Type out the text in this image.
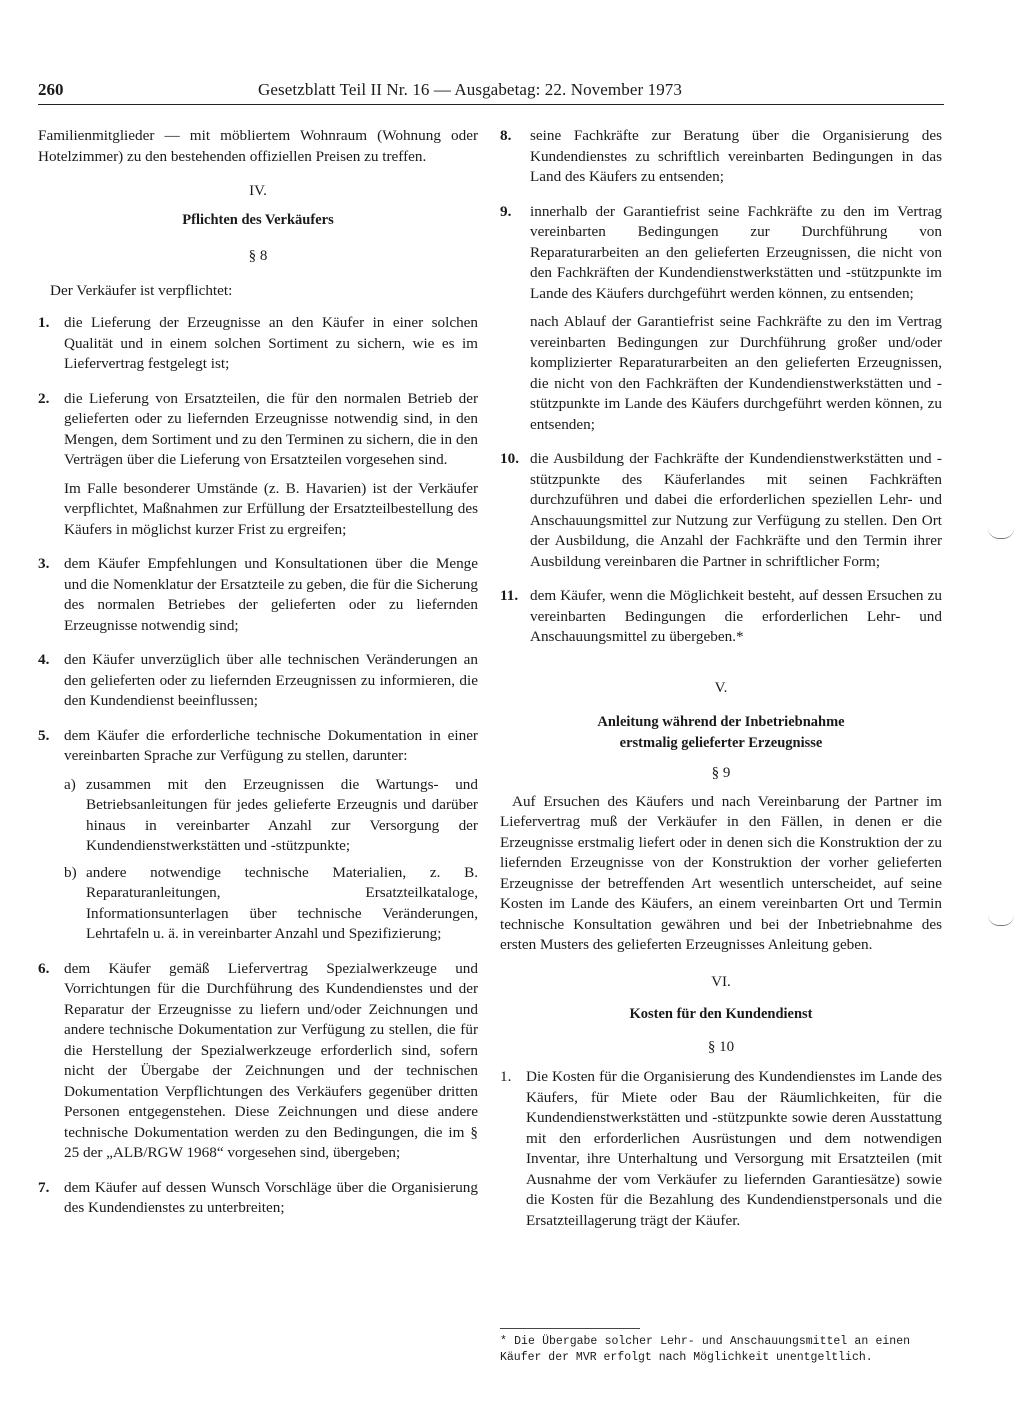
260	Gesetzblatt Teil II Nr. 16 — Ausgabetag: 22. November 1973

Familienmitglieder — mit möbliertem Wohnraum (Wohnung oder Hotelzimmer) zu den bestehenden offiziellen Preisen zu treffen.

IV.
Pflichten des Verkäufers
§ 8

Der Verkäufer ist verpflichtet:

1. die Lieferung der Erzeugnisse an den Käufer in einer solchen Qualität und in einem solchen Sortiment zu sichern, wie es im Liefervertrag festgelegt ist;
2. die Lieferung von Ersatzteilen, die für den normalen Betrieb der gelieferten oder zu liefernden Erzeugnisse notwendig sind, in den Mengen, dem Sortiment und zu den Terminen zu sichern, die in den Verträgen über die Lieferung von Ersatzteilen vorgesehen sind.

Im Falle besonderer Umstände (z. B. Havarien) ist der Verkäufer verpflichtet, Maßnahmen zur Erfüllung der Ersatzteilbestellung des Käufers in möglichst kurzer Frist zu ergreifen;

3. dem Käufer Empfehlungen und Konsultationen über die Menge und die Nomenklatur der Ersatzteile zu geben, die für die Sicherung des normalen Betriebes der gelieferten oder zu liefernden Erzeugnisse notwendig sind;
4. den Käufer unverzüglich über alle technischen Veränderungen an den gelieferten oder zu liefernden Erzeugnissen zu informieren, die den Kundendienst beeinflussen;
5. dem Käufer die erforderliche technische Dokumentation in einer vereinbarten Sprache zur Verfügung zu stellen, darunter:
a) zusammen mit den Erzeugnissen die Wartungs- und Betriebsanleitungen für jedes gelieferte Erzeugnis und darüber hinaus in vereinbarter Anzahl zur Versorgung der Kundendienstwerkstätten und -stützpunkte;
b) andere notwendige technische Materialien, z. B. Reparaturanleitungen, Ersatzteilkataloge, Informationsunterlagen über technische Veränderungen, Lehrtafeln u. ä. in vereinbarter Anzahl und Spezifizierung;
6. dem Käufer gemäß Liefervertrag Spezialwerkzeuge und Vorrichtungen für die Durchführung des Kundendienstes und der Reparatur der Erzeugnisse zu liefern und/oder Zeichnungen und andere technische Dokumentation zur Verfügung zu stellen, die für die Herstellung der Spezialwerkzeuge erforderlich sind, sofern nicht der Übergabe der Zeichnungen und der technischen Dokumentation Verpflichtungen des Verkäufers gegenüber dritten Personen entgegenstehen. Diese Zeichnungen und diese andere technische Dokumentation werden zu den Bedingungen, die im § 25 der „ALB/RGW 1968“ vorgesehen sind, übergeben;
7. dem Käufer auf dessen Wunsch Vorschläge über die Organisierung des Kundendienstes zu unterbreiten;
8.	seine Fachkräfte zur Beratung über die Organisierung des Kundendienstes zu schriftlich vereinbarten Bedingungen in das Land des Käufers zu entsenden;
9.	innerhalb der Garantiefrist seine Fachkräfte zu den im Vertrag vereinbarten Bedingungen zur Durchführung von Reparaturarbeiten an den gelieferten Erzeugnissen, die nicht von den Fachkräften der Kundendienstwerkstätten und -stützpunkte im Lande des Käufers durchgeführt werden können, zu entsenden;

nach Ablauf der Garantiefrist seine Fachkräfte zu den im Vertrag vereinbarten Bedingungen zur Durchführung großer und/oder komplizierter Reparaturarbeiten an den gelieferten Erzeugnissen, die nicht von den Fachkräften der Kundendienstwerkstätten und -stützpunkte im Lande des Käufers durchgeführt werden können, zu entsenden;

10. die Ausbildung der Fachkräfte der Kundendienstwerkstätten und -stützpunkte des Käuferlandes mit seinen Fachkräften durchzuführen und dabei die erforderlichen speziellen Lehr- und Anschauungsmittel zur Nutzung zur Verfügung zu stellen. Den Ort der Ausbildung, die Anzahl der Fachkräfte und den Termin ihrer Ausbildung vereinbaren die Partner in schriftlicher Form;
11. dem Käufer, wenn die Möglichkeit besteht, auf dessen Ersuchen zu vereinbarten Bedingungen die erforderlichen Lehr- und Anschauungsmittel zu übergeben.*
V.
Anleitung während der Inbetriebnahme
erstmalig gelieferter Erzeugnisse
§ 9

Auf Ersuchen des Käufers und nach Vereinbarung der Partner im Liefervertrag muß der Verkäufer in den Fällen, in denen er die Erzeugnisse erstmalig liefert oder in denen sich die Konstruktion der zu liefernden Erzeugnisse von der Konstruktion der vorher gelieferten Erzeugnisse der betreffenden Art wesentlich unterscheidet, auf seine Kosten im Lande des Käufers, an einem vereinbarten Ort und Termin technische Konsultation gewähren und bei der Inbetriebnahme des ersten Musters des gelieferten Erzeugnisses Anleitung geben.

VI.
Kosten für den Kundendienst
§ 10
1. Die Kosten für die Organisierung des Kundendienstes im Lande des Käufers, für Miete oder Bau der Räumlichkeiten, für die Kundendienstwerkstätten und -stützpunkte sowie deren Ausstattung mit den erforderlichen Ausrüstungen und dem notwendigen Inventar, ihre Unterhaltung und Versorgung mit Ersatzteilen (mit Ausnahme der vom Verkäufer zu liefernden Garantiesätze) sowie die Kosten für die Bezahlung des Kundendienstpersonals und die Ersatzteillagerung trägt der Käufer.
* Die Übergabe solcher Lehr- und Anschauungsmittel an einen Käufer der MVR erfolgt nach Möglichkeit unentgeltlich.
